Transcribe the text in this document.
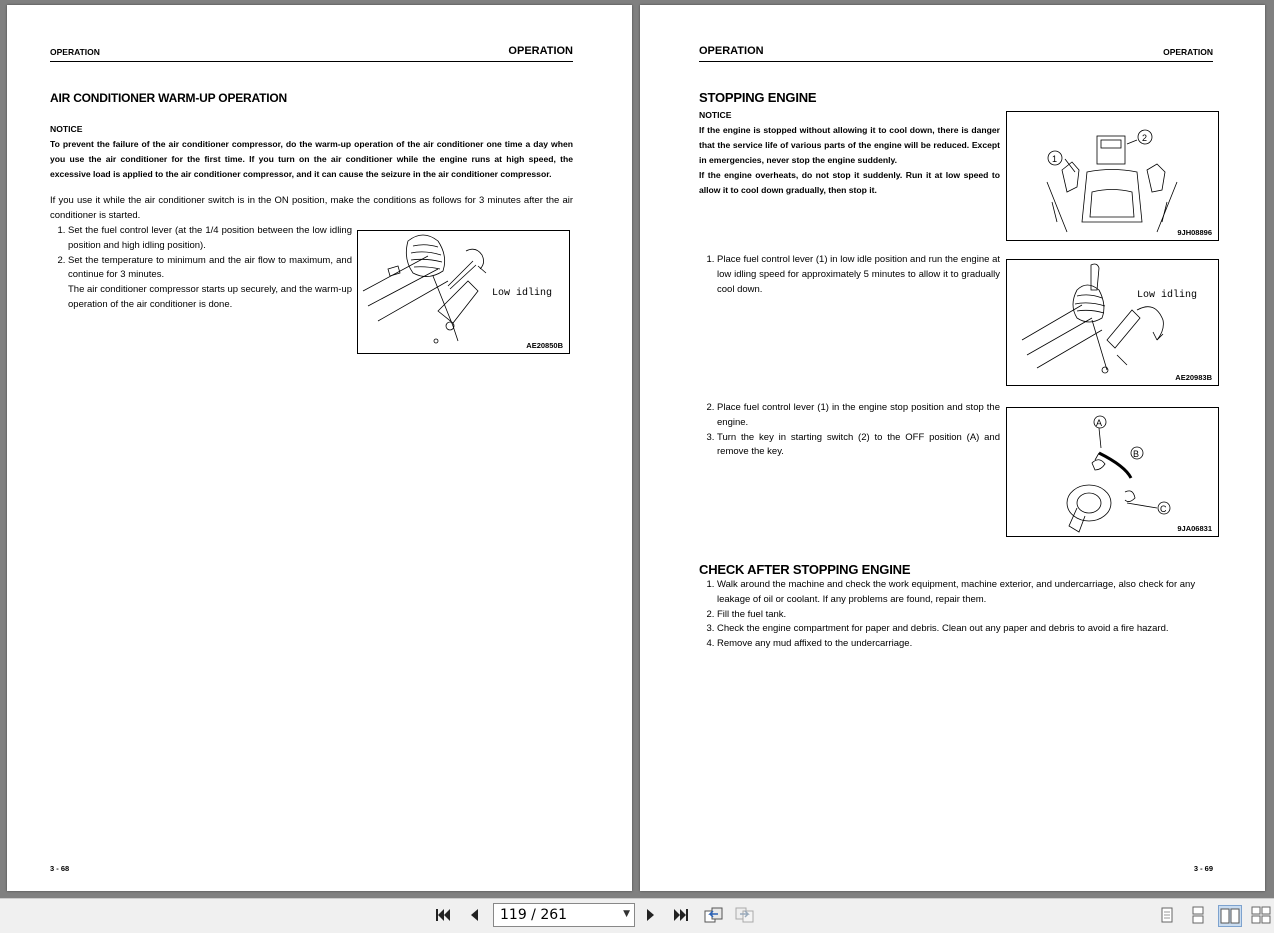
OPERATION	OPERATION
AIR CONDITIONER WARM-UP OPERATION
NOTICE
To prevent the failure of the air conditioner compressor, do the warm-up operation of the air conditioner one time a day when you use the air conditioner for the first time. If you turn on the air conditioner while the engine runs at high speed, the excessive load is applied to the air conditioner compressor, and it can cause the seizure in the air conditioner compressor.
If you use it while the air conditioner switch is in the ON position, make the conditions as follows for 3 minutes after the air conditioner is started.
1. Set the fuel control lever (at the 1/4 position between the low idling position and high idling position).
2. Set the temperature to minimum and the air flow to maximum, and continue for 3 minutes.
The air conditioner compressor starts up securely, and the warm-up operation of the air conditioner is done.
Low idling
AE20850B
3 - 68
OPERATION	OPERATION
STOPPING ENGINE
NOTICE
If the engine is stopped without allowing it to cool down, there is danger that the service life of various parts of the engine will be reduced. Except in emergencies, never stop the engine suddenly.
If the engine overheats, do not stop it suddenly. Run it at low speed to allow it to cool down gradually, then stop it.
1
2
9JH08896
1. Place fuel control lever (1) in low idle position and run the engine at low idling speed for approximately 5 minutes to allow it to gradually cool down.
Low idling
AE20983B
2. Place fuel control lever (1) in the engine stop position and stop the engine.
3. Turn the key in starting switch (2) to the OFF position (A) and remove the key.
A
B
C
9JA06831
CHECK AFTER STOPPING ENGINE
1. Walk around the machine and check the work equipment, machine exterior, and undercarriage, also check for any leakage of oil or coolant. If any problems are found, repair them.
2. Fill the fuel tank.
3. Check the engine compartment for paper and debris. Clean out any paper and debris to avoid a fire hazard.
4. Remove any mud affixed to the undercarriage.
3 - 69
119 / 261	▼
